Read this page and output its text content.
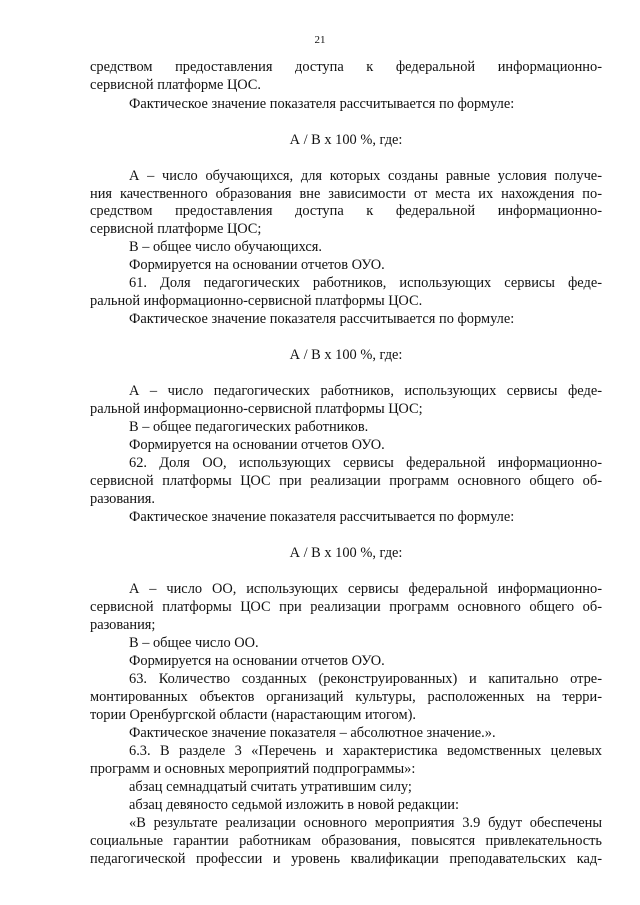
21
средством предоставления доступа к федеральной информационно-
сервисной платформе ЦОС.
Фактическое значение показателя рассчитывается по формуле:
А / В x 100 %, где:
А – число обучающихся, для которых созданы равные условия получе-
ния качественного образования вне зависимости от места их нахождения по-
средством предоставления доступа к федеральной информационно-
сервисной платформе ЦОС;
В – общее число обучающихся.
Формируется на основании отчетов ОУО.
61. Доля педагогических работников, использующих сервисы феде-
ральной информационно-сервисной платформы ЦОС.
Фактическое значение показателя рассчитывается по формуле:
А / В x 100 %, где:
А – число педагогических работников, использующих сервисы феде-
ральной информационно-сервисной платформы ЦОС;
В – общее педагогических работников.
Формируется на основании отчетов ОУО.
62. Доля ОО, использующих сервисы федеральной информационно-
сервисной платформы ЦОС при реализации программ основного общего об-
разования.
Фактическое значение показателя рассчитывается по формуле:
А / В x 100 %, где:
А – число ОО, использующих сервисы федеральной информационно-
сервисной платформы ЦОС при реализации программ основного общего об-
разования;
В – общее число ОО.
Формируется на основании отчетов ОУО.
63. Количество созданных (реконструированных) и капитально отре-
монтированных объектов организаций культуры, расположенных на терри-
тории Оренбургской области (нарастающим итогом).
Фактическое значение показателя – абсолютное значение.».
6.3. В разделе 3 «Перечень и характеристика ведомственных целевых
программ и основных мероприятий подпрограммы»:
абзац семнадцатый считать утратившим силу;
абзац девяносто седьмой изложить в новой редакции:
«В результате реализации основного мероприятия 3.9 будут обеспечены
социальные гарантии работникам образования, повысятся привлекательность
педагогической профессии и уровень квалификации преподавательских кад-
